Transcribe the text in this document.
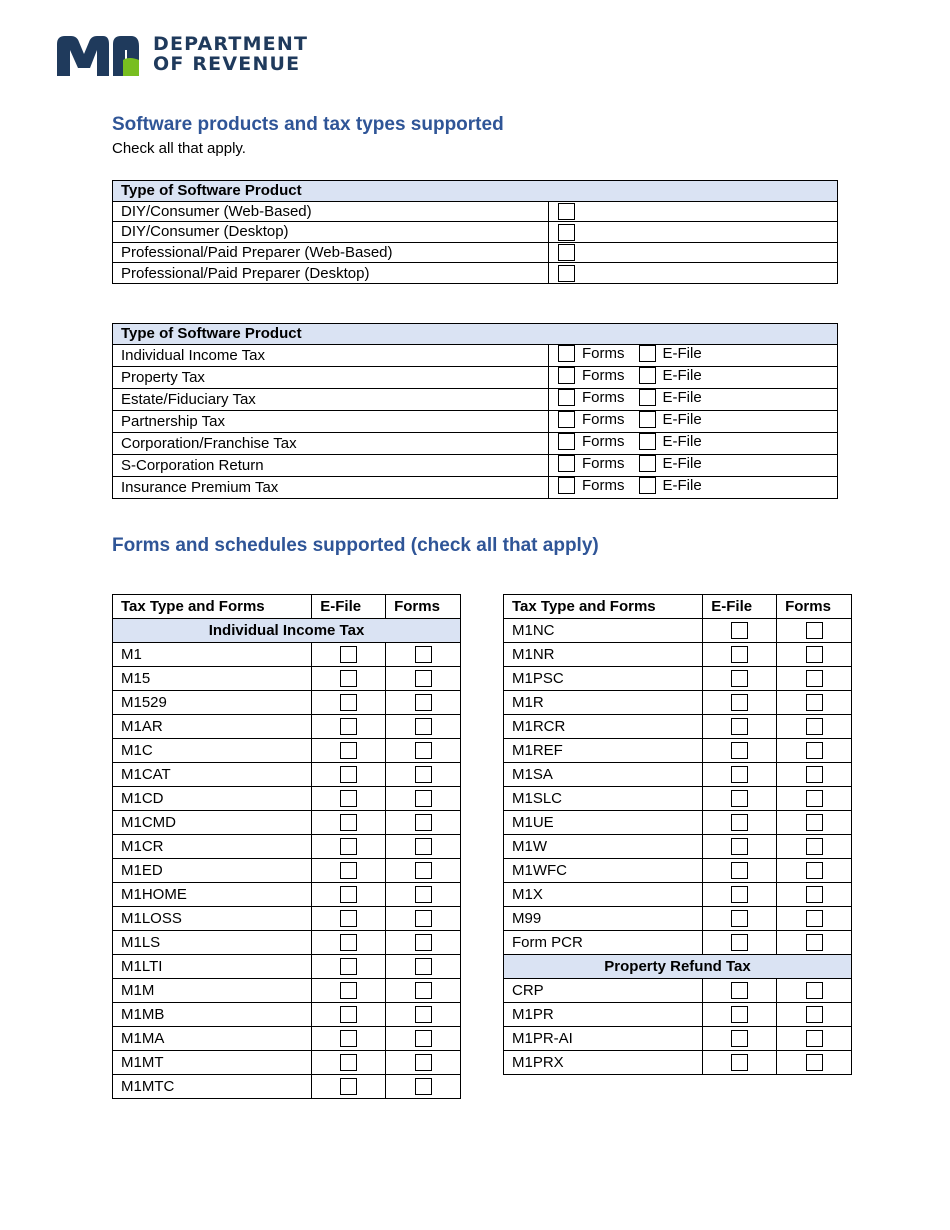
DEPARTMENT
OF REVENUE
Software products and tax types supported
Check all that apply.
Type of Software Product	
DIY/Consumer (Web-Based)	
DIY/Consumer (Desktop)	
Professional/Paid Preparer (Web-Based)	
Professional/Paid Preparer (Desktop)	
Type of Software Product	
Individual Income Tax	Forms E-File

Property Tax	Forms E-File

Estate/Fiduciary Tax	Forms E-File

Partnership Tax	Forms E-File

Corporation/Franchise Tax	Forms E-File

S-Corporation Return	Forms E-File

Insurance Premium Tax	Forms E-File
Forms and schedules supported (check all that apply)
Tax Type and Forms	E-File	Forms
Individual Income Tax		
M1		
M15		
M1529		
M1AR		
M1C		
M1CAT		
M1CD		
M1CMD		
M1CR		
M1ED		
M1HOME		
M1LOSS		
M1LS		
M1LTI		
M1M		
M1MB		
M1MA		
M1MT		
M1MTC		
Tax Type and Forms	E-File	Forms
M1NC		
M1NR		
M1PSC		
M1R		
M1RCR		
M1REF		
M1SA		
M1SLC		
M1UE		
M1W		
M1WFC		
M1X		
M99		
Form PCR		
Property Refund Tax		
CRP		
M1PR		
M1PR-AI		
M1PRX		
